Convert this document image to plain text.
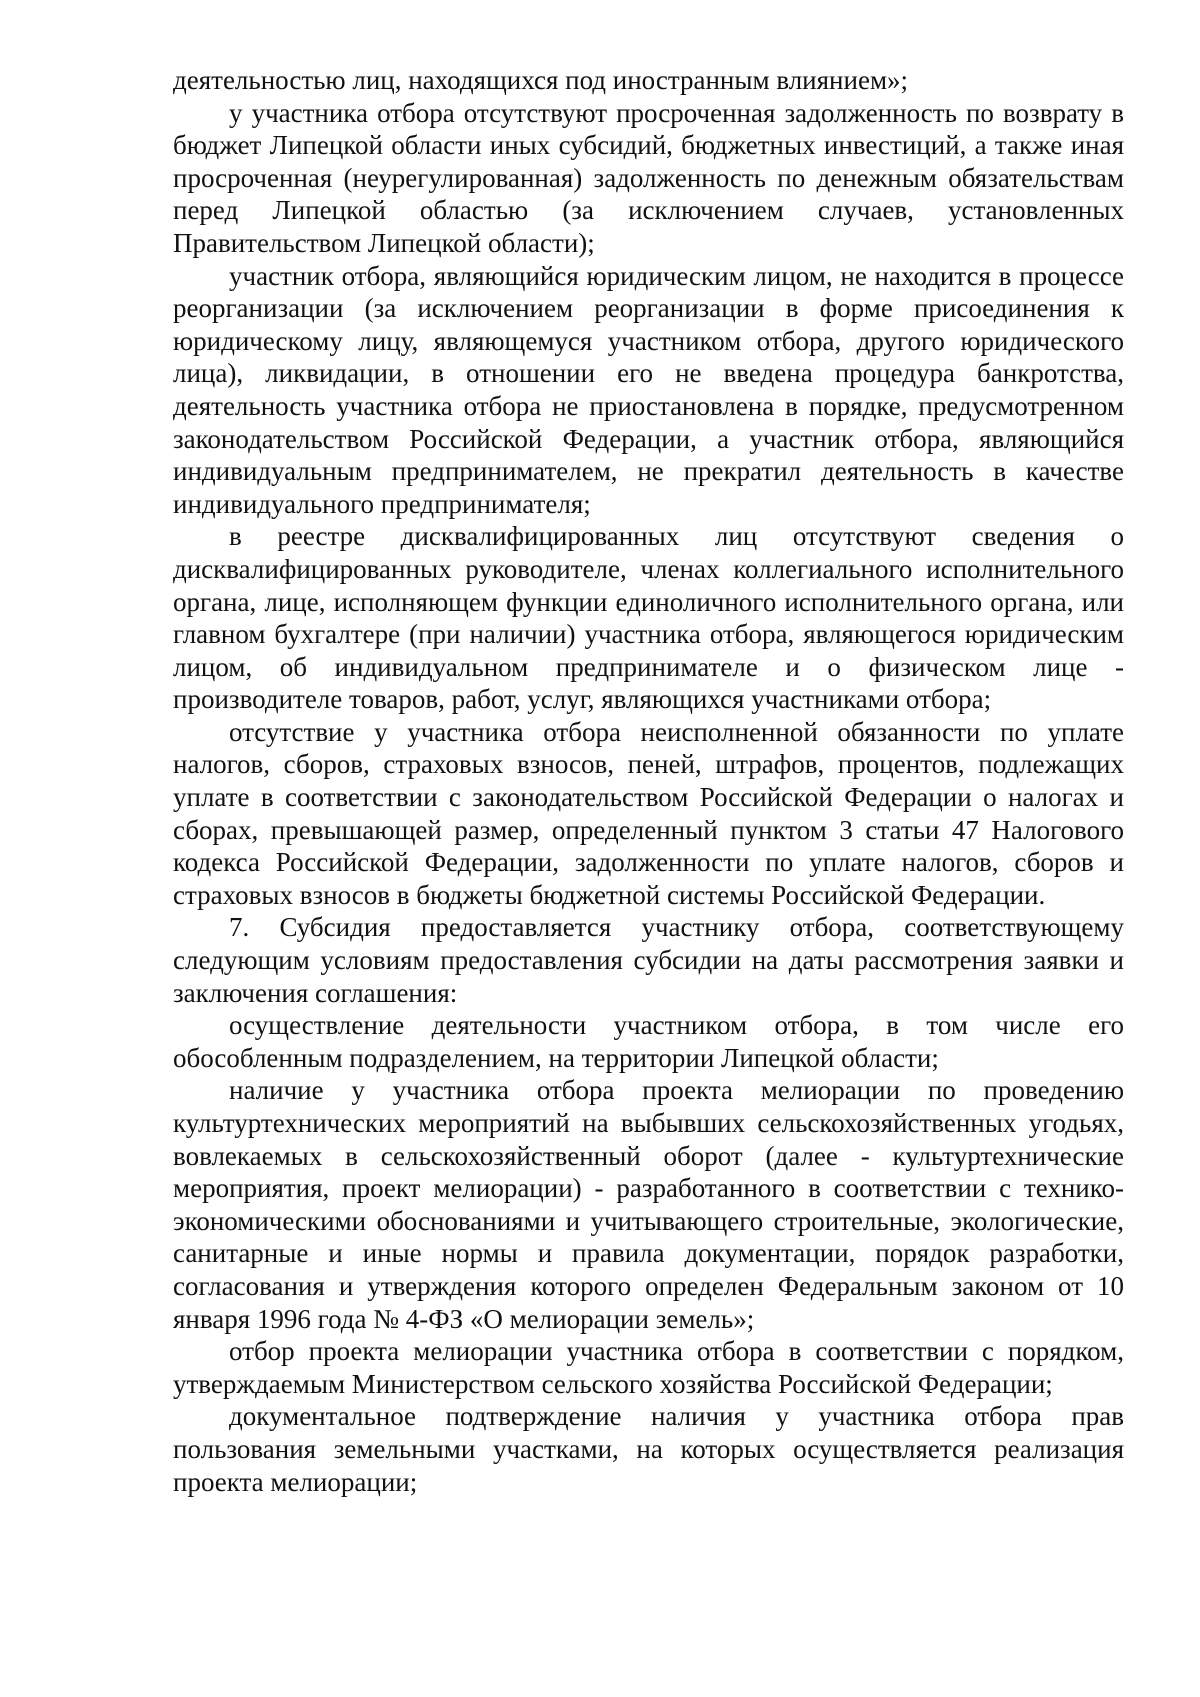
деятельностью лиц, находящихся под иностранным влиянием»;

у участника отбора отсутствуют просроченная задолженность по возврату в бюджет Липецкой области иных субсидий, бюджетных инвестиций, а также иная просроченная (неурегулированная) задолженность по денежным обязательствам перед Липецкой областью (за исключением случаев, установленных Правительством Липецкой области);

участник отбора, являющийся юридическим лицом, не находится в процессе реорганизации (за исключением реорганизации в форме присоединения к юридическому лицу, являющемуся участником отбора, другого юридического лица), ликвидации, в отношении его не введена процедура банкротства, деятельность участника отбора не приостановлена в порядке, предусмотренном законодательством Российской Федерации, а участник отбора, являющийся индивидуальным предпринимателем, не прекратил деятельность в качестве индивидуального предпринимателя;

в реестре дисквалифицированных лиц отсутствуют сведения о дисквалифицированных руководителе, членах коллегиального исполнительного органа, лице, исполняющем функции единоличного исполнительного органа, или главном бухгалтере (при наличии) участника отбора, являющегося юридическим лицом, об индивидуальном предпринимателе и о физическом лице - производителе товаров, работ, услуг, являющихся участниками отбора;

отсутствие у участника отбора неисполненной обязанности по уплате налогов, сборов, страховых взносов, пеней, штрафов, процентов, подлежащих уплате в соответствии с законодательством Российской Федерации о налогах и сборах, превышающей размер, определенный пунктом 3 статьи 47 Налогового кодекса Российской Федерации, задолженности по уплате налогов, сборов и страховых взносов в бюджеты бюджетной системы Российской Федерации.

7. Субсидия предоставляется участнику отбора, соответствующему следующим условиям предоставления субсидии на даты рассмотрения заявки и заключения соглашения:

осуществление деятельности участником отбора, в том числе его обособленным подразделением, на территории Липецкой области;

наличие у участника отбора проекта мелиорации по проведению культуртехнических мероприятий на выбывших сельскохозяйственных угодьях, вовлекаемых в сельскохозяйственный оборот (далее - культуртехнические мероприятия, проект мелиорации) - разработанного в соответствии с технико-экономическими обоснованиями и учитывающего строительные, экологические, санитарные и иные нормы и правила документации, порядок разработки, согласования и утверждения которого определен Федеральным законом от 10 января 1996 года № 4-ФЗ «О мелиорации земель»;

отбор проекта мелиорации участника отбора в соответствии с порядком, утверждаемым Министерством сельского хозяйства Российской Федерации;

документальное подтверждение наличия у участника отбора прав пользования земельными участками, на которых осуществляется реализация проекта мелиорации;
